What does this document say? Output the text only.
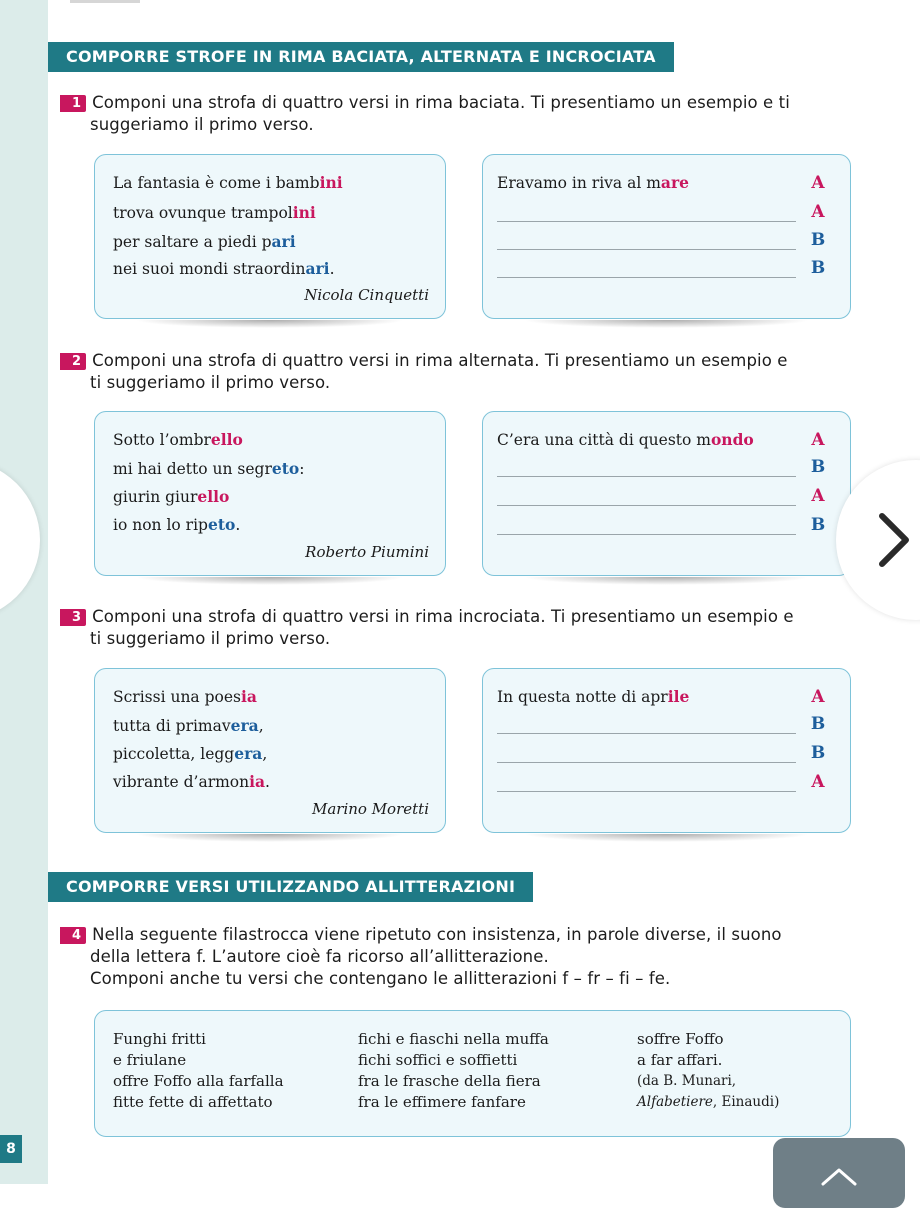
COMPORRE STROFE IN RIMA BACIATA, ALTERNATA E INCROCIATA
1 Componi una strofa di quattro versi in rima baciata. Ti presentiamo un esempio e ti
suggeriamo il primo verso.
La fantasia è come i bambini
trova ovunque trampolini
per saltare a piedi pari
nei suoi mondi straordinari.
Nicola Cinquetti
Eravamo in riva al mare	A
A
B
B
2 Componi una strofa di quattro versi in rima alternata. Ti presentiamo un esempio e
ti suggeriamo il primo verso.
Sotto l’ombrello
mi hai detto un segreto:
giurin giurello
io non lo ripeto.
Roberto Piumini
C’era una città di questo mondo	A
B
A
B
3 Componi una strofa di quattro versi in rima incrociata. Ti presentiamo un esempio e
ti suggeriamo il primo verso.
Scrissi una poesia
tutta di primavera,
piccoletta, leggera,
vibrante d’armonia.
Marino Moretti
In questa notte di aprile	A
B
B
A
COMPORRE VERSI UTILIZZANDO ALLITTERAZIONI
4 Nella seguente filastrocca viene ripetuto con insistenza, in parole diverse, il suono
della lettera f. L’autore cioè fa ricorso all’allitterazione.
Componi anche tu versi che contengano le allitterazioni f – fr – fi – fe.
Funghi fritti
e friulane
offre Foffo alla farfalla
fitte fette di affettato
fichi e fiaschi nella muffa
fichi soffici e soffietti
fra le frasche della fiera
fra le effimere fanfare
soffre Foffo
a far affari.
(da B. Munari,
Alfabetiere, Einaudi)
8
